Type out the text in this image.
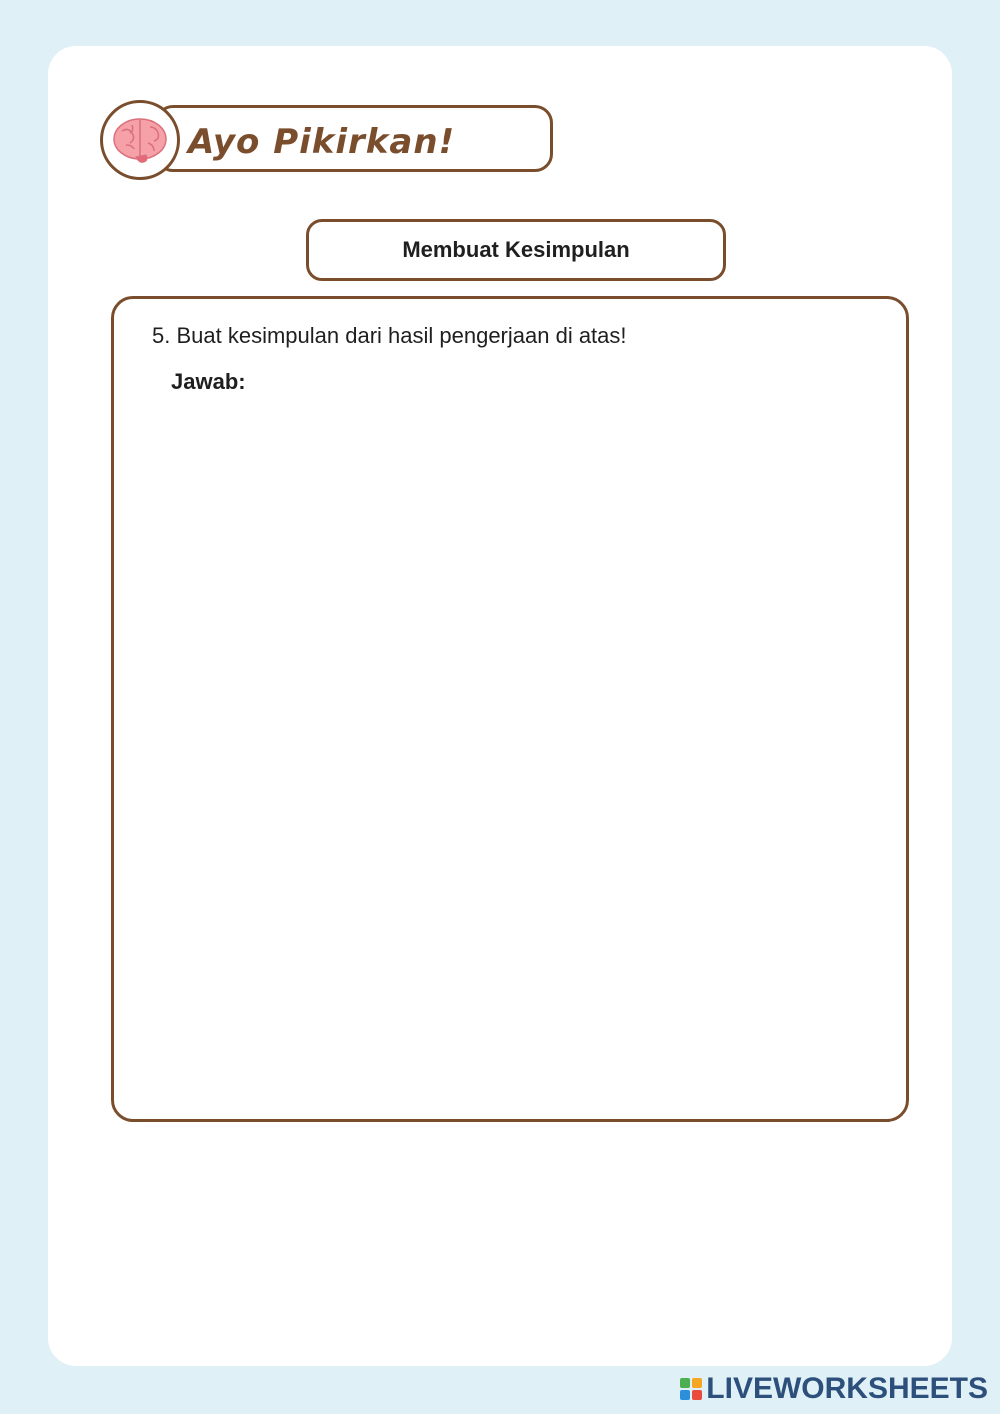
Ayo Pikirkan!
Membuat Kesimpulan
5. Buat kesimpulan dari hasil pengerjaan di atas!
Jawab:
LIVEWORKSHEETS
